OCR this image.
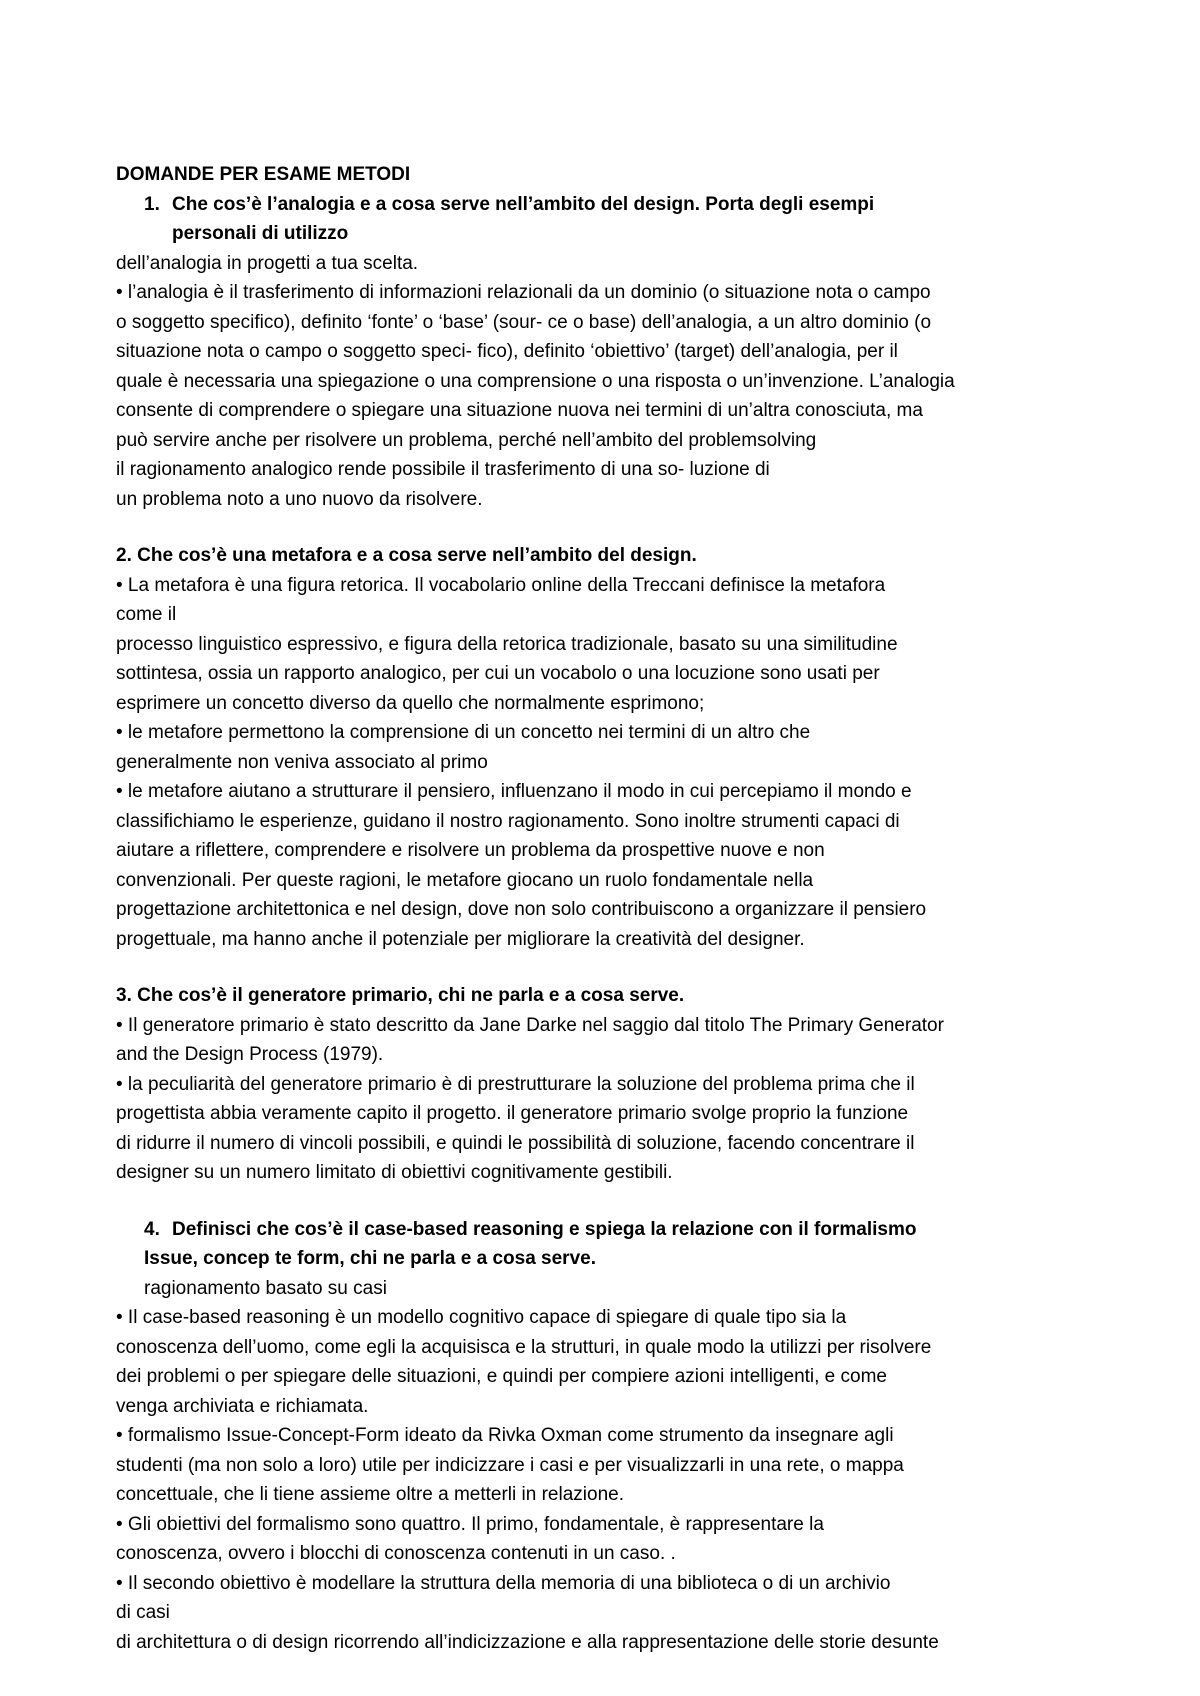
DOMANDE PER ESAME METODI
1. Che cos’è l’analogia e a cosa serve nell’ambito del design. Porta degli esempi
personali di utilizzo
dell’analogia in progetti a tua scelta.
• l’analogia è il trasferimento di informazioni relazionali da un dominio (o situazione nota o campo
o soggetto specifico), definito ‘fonte’ o ‘base’ (sour- ce o base) dell’analogia, a un altro dominio (o
situazione nota o campo o soggetto speci- fico), definito ‘obiettivo’ (target) dell’analogia, per il
quale è necessaria una spiegazione o una comprensione o una risposta o un’invenzione. L’analogia
consente di comprendere o spiegare una situazione nuova nei termini di un’altra conosciuta, ma
può servire anche per risolvere un problema, perché nell’ambito del problemsolving
il ragionamento analogico rende possibile il trasferimento di una so- luzione di
un problema noto a uno nuovo da risolvere.
2. Che cos’è una metafora e a cosa serve nell’ambito del design.
• La metafora è una figura retorica. Il vocabolario online della Treccani definisce la metafora
come il
processo linguistico espressivo, e figura della retorica tradizionale, basato su una similitudine
sottintesa, ossia un rapporto analogico, per cui un vocabolo o una locuzione sono usati per
esprimere un concetto diverso da quello che normalmente esprimono;
• le metafore permettono la comprensione di un concetto nei termini di un altro che
generalmente non veniva associato al primo
• le metafore aiutano a strutturare il pensiero, influenzano il modo in cui percepiamo il mondo e
classifichiamo le esperienze, guidano il nostro ragionamento. Sono inoltre strumenti capaci di
aiutare a riflettere, comprendere e risolvere un problema da prospettive nuove e non
convenzionali. Per queste ragioni, le metafore giocano un ruolo fondamentale nella
progettazione architettonica e nel design, dove non solo contribuiscono a organizzare il pensiero
progettuale, ma hanno anche il potenziale per migliorare la creatività del designer.
3. Che cos’è il generatore primario, chi ne parla e a cosa serve.
• Il generatore primario è stato descritto da Jane Darke nel saggio dal titolo The Primary Generator
and the Design Process (1979).
• la peculiarità del generatore primario è di prestrutturare la soluzione del problema prima che il
progettista abbia veramente capito il progetto. il generatore primario svolge proprio la funzione
di ridurre il numero di vincoli possibili, e quindi le possibilità di soluzione, facendo concentrare il
designer su un numero limitato di obiettivi cognitivamente gestibili.
4. Definisci che cos’è il case-based reasoning e spiega la relazione con il formalismo
Issue, concep te form, chi ne parla e a cosa serve.
ragionamento basato su casi
• Il case-based reasoning è un modello cognitivo capace di spiegare di quale tipo sia la
conoscenza dell’uomo, come egli la acquisisca e la strutturi, in quale modo la utilizzi per risolvere
dei problemi o per spiegare delle situazioni, e quindi per compiere azioni intelligenti, e come
venga archiviata e richiamata.
• formalismo Issue-Concept-Form ideato da Rivka Oxman come strumento da insegnare agli
studenti (ma non solo a loro) utile per indicizzare i casi e per visualizzarli in una rete, o mappa
concettuale, che li tiene assieme oltre a metterli in relazione.
• Gli obiettivi del formalismo sono quattro. Il primo, fondamentale, è rappresentare la
conoscenza, ovvero i blocchi di conoscenza contenuti in un caso. .
• Il secondo obiettivo è modellare la struttura della memoria di una biblioteca o di un archivio
di casi
di architettura o di design ricorrendo all’indicizzazione e alla rappresentazione delle storie desunte
